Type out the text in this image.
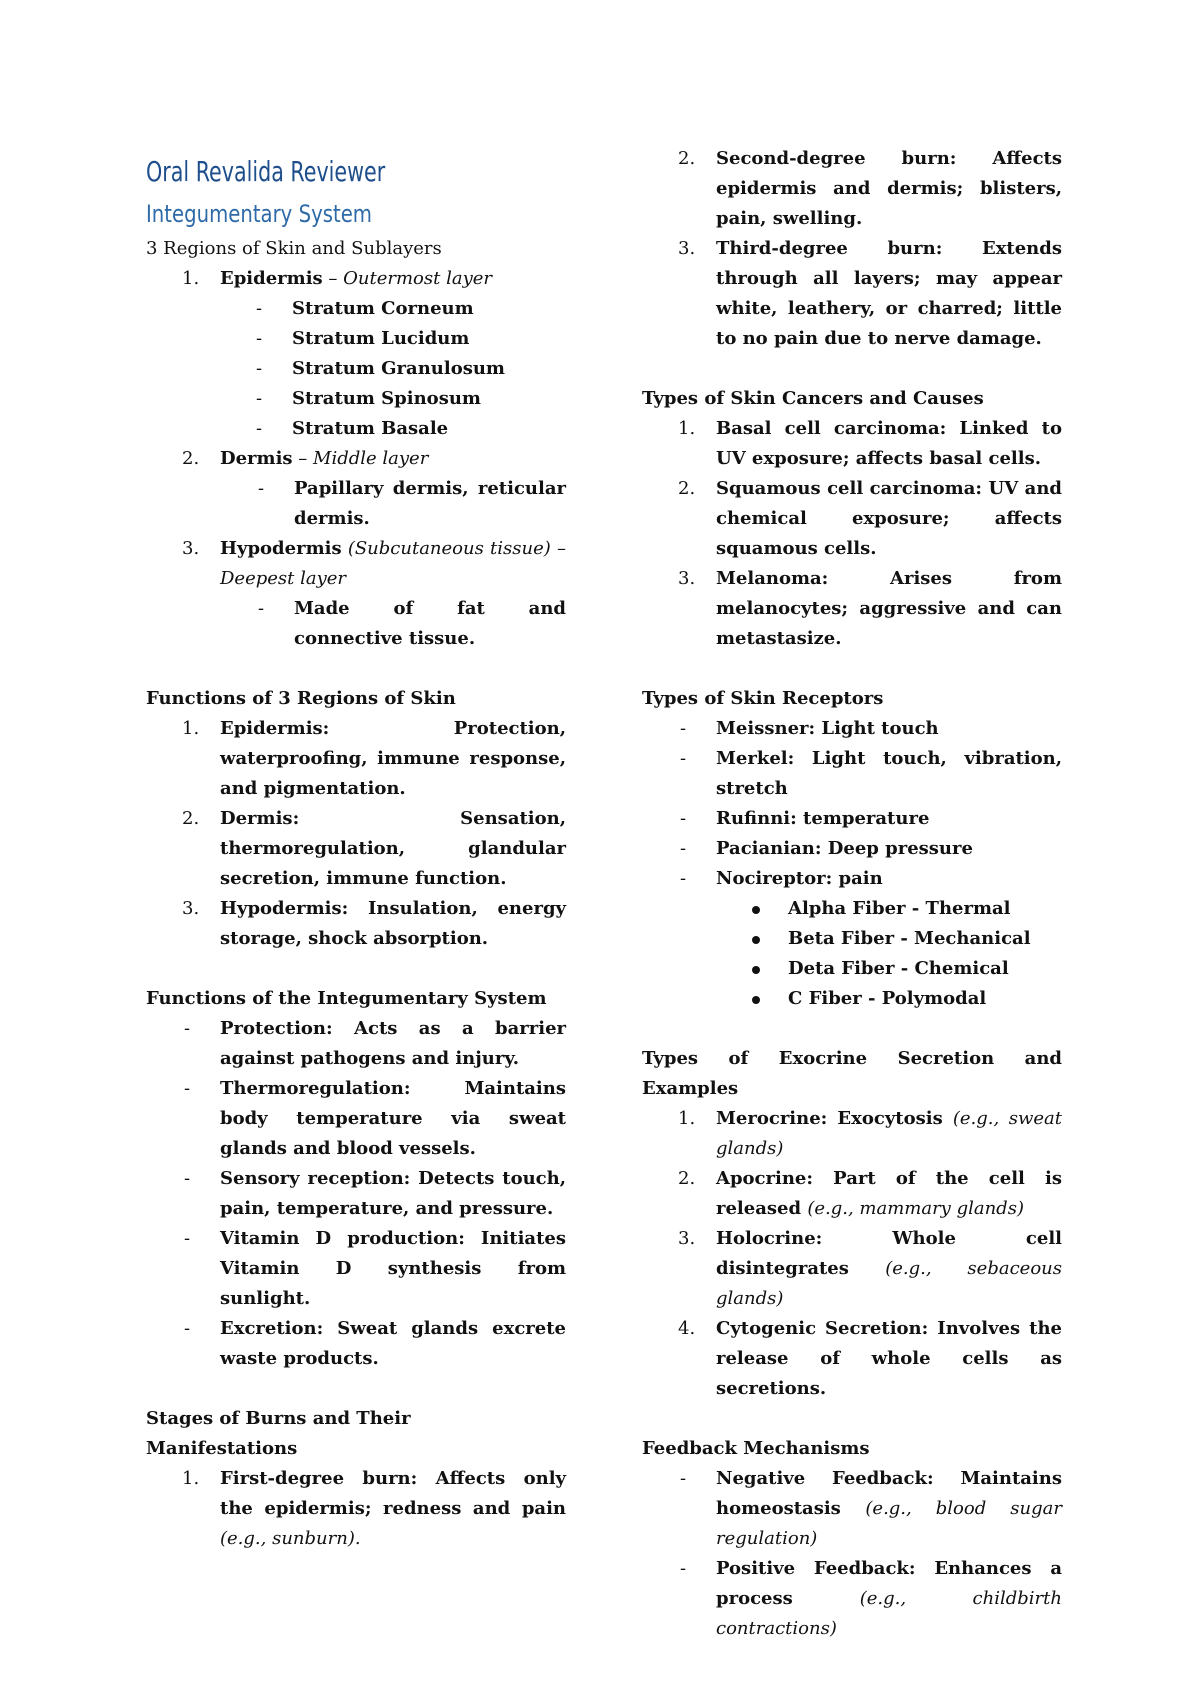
Oral Revalida Reviewer
Integumentary System
3 Regions of Skin and Sublayers
1.	Epidermis – Outermost layer
- Stratum Corneum
- Stratum Lucidum
- Stratum Granulosum
- Stratum Spinosum
- Stratum Basale
2.	Dermis – Middle layer
- Papillary dermis, reticular dermis.
3.	Hypodermis (Subcutaneous tissue) – Deepest layer
- Made of fat and connective tissue.
Functions of 3 Regions of Skin
1.	Epidermis: Protection, waterproofing, immune response, and pigmentation.
2.	Dermis: Sensation, thermoregulation, glandular secretion, immune function.
3.	Hypodermis: Insulation, energy storage, shock absorption.
Functions of the Integumentary System
- Protection: Acts as a barrier against pathogens and injury.
- Thermoregulation: Maintains body temperature via sweat glands and blood vessels.
- Sensory reception: Detects touch, pain, temperature, and pressure.
- Vitamin D production: Initiates Vitamin D synthesis from sunlight.
- Excretion: Sweat glands excrete waste products.
Stages of Burns and Their Manifestations
1.	First-degree burn: Affects only the epidermis; redness and pain (e.g., sunburn).
2.	Second-degree burn: Affects epidermis and dermis; blisters, pain, swelling.
3.	Third-degree burn: Extends through all layers; may appear white, leathery, or charred; little to no pain due to nerve damage.
Types of Skin Cancers and Causes
1.	Basal cell carcinoma: Linked to UV exposure; affects basal cells.
2.	Squamous cell carcinoma: UV and chemical exposure; affects squamous cells.
3.	Melanoma: Arises from melanocytes; aggressive and can metastasize.
Types of Skin Receptors
- Meissner: Light touch
- Merkel: Light touch, vibration, stretch
- Rufinni: temperature
- Pacianian: Deep pressure
- Nocireptor: pain
Alpha Fiber - Thermal
Beta Fiber - Mechanical
Deta Fiber - Chemical
C Fiber - Polymodal
Types of Exocrine Secretion and Examples
1.	Merocrine: Exocytosis (e.g., sweat glands)
2.	Apocrine: Part of the cell is released (e.g., mammary glands)
3.	Holocrine: Whole cell disintegrates (e.g., sebaceous glands)
4.	Cytogenic Secretion: Involves the release of whole cells as secretions.
Feedback Mechanisms
- Negative Feedback: Maintains homeostasis (e.g., blood sugar regulation)
- Positive Feedback: Enhances a process (e.g., childbirth contractions)
